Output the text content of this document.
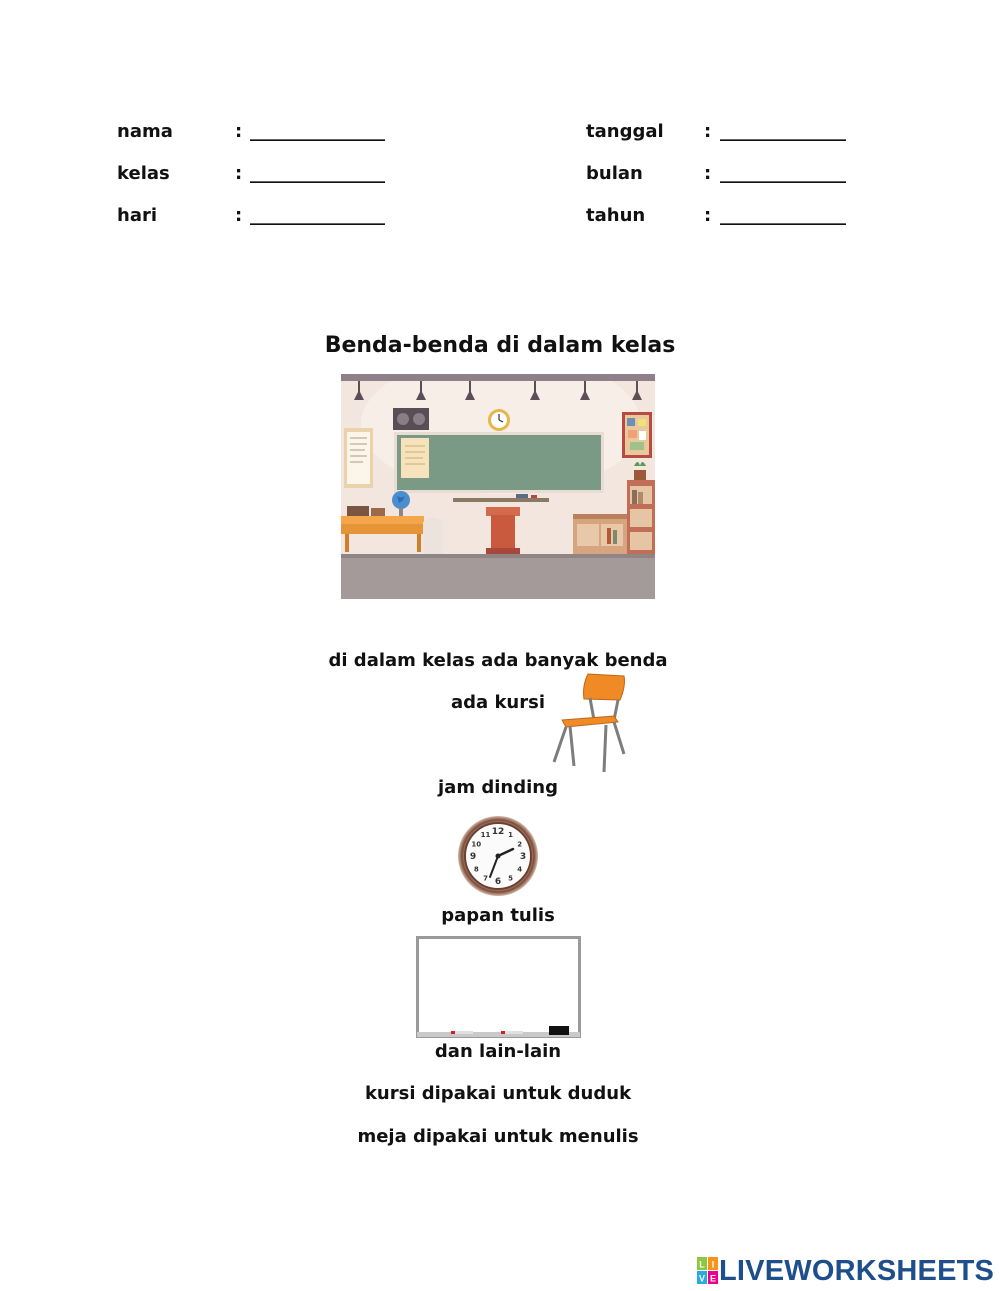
nama	: _______________
kelas	: _______________
hari	: _______________
tanggal : ______________
bulan	: ______________
tahun	: ______________
Benda-benda di dalam kelas
di dalam kelas ada banyak benda
ada kursi
jam dinding
12 1
2
3
4
5
6
7
8
9
10
11
papan tulis
dan lain-lain
kursi dipakai untuk duduk
meja dipakai untuk menulis
L I
V E LIVEWORKSHEETS
